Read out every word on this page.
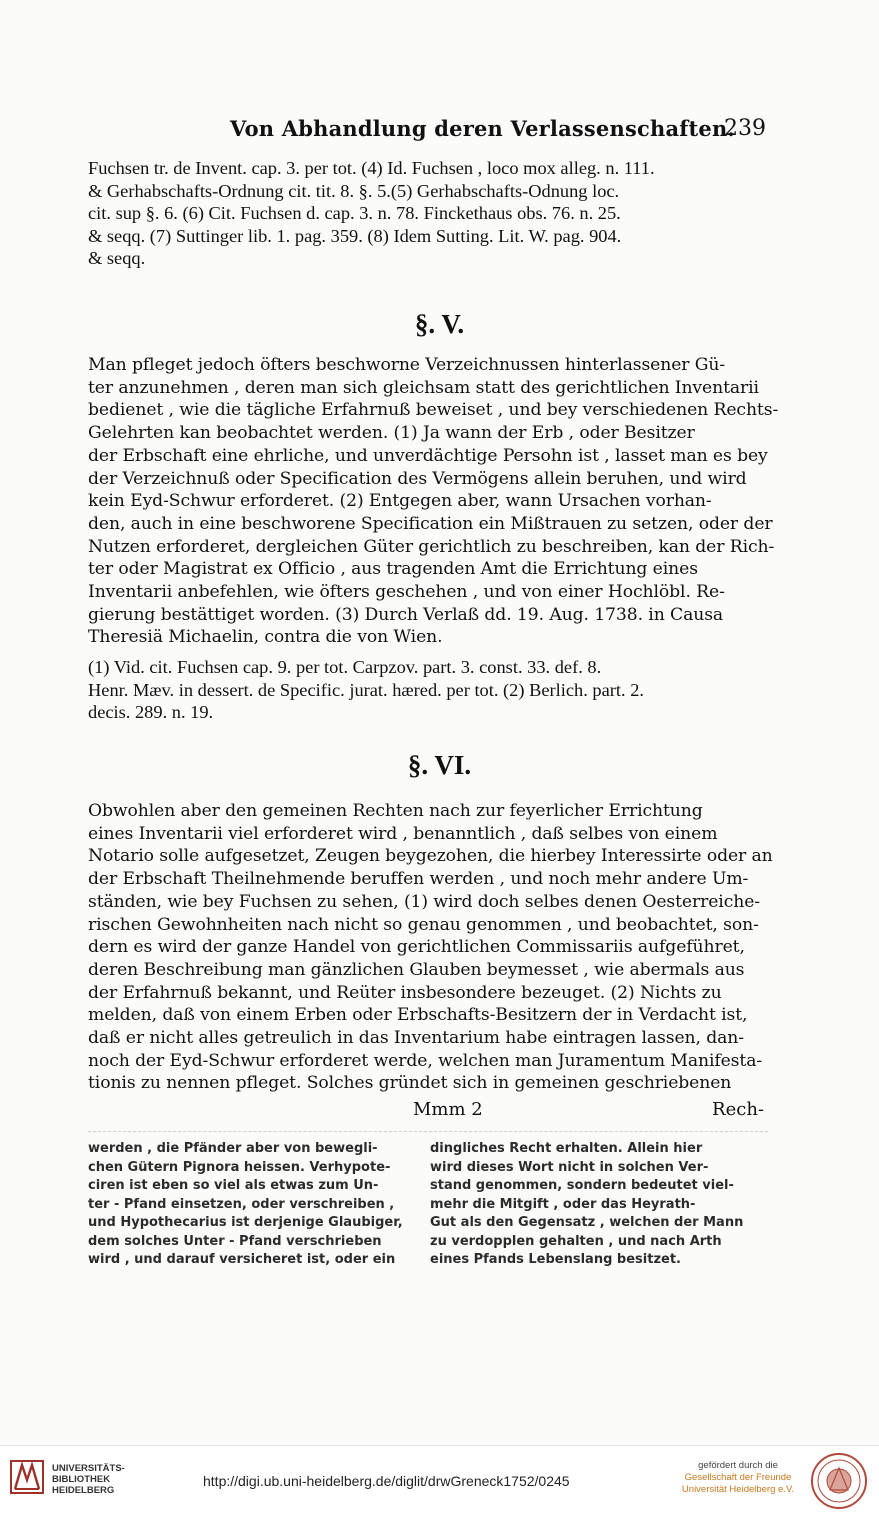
Von Abhandlung deren Verlassenschaften.
239
Fuchsen tr. de Invent. cap. 3. per tot. (4) Id. Fuchsen , loco mox alleg. n. 111.
& Gerhabschafts-Ordnung cit. tit. 8. §. 5.(5) Gerhabschafts-Odnung loc.
cit. sup §. 6. (6) Cit. Fuchsen d. cap. 3. n. 78. Finckethaus obs. 76. n. 25.
& seqq. (7) Suttinger lib. 1. pag. 359. (8) Idem Sutting. Lit. W. pag. 904.
& seqq.
§. V.
Man pfleget jedoch öfters beschworne Verzeichnussen hinterlassener Gü-
ter anzunehmen , deren man sich gleichsam statt des gerichtlichen Inventarii
bedienet , wie die tägliche Erfahrnuß beweiset , und bey verschiedenen Rechts-
Gelehrten kan beobachtet werden. (1) Ja wann der Erb , oder Besitzer
der Erbschaft eine ehrliche, und unverdächtige Persohn ist , lasset man es bey
der Verzeichnuß oder Specification des Vermögens allein beruhen, und wird
kein Eyd-Schwur erforderet. (2) Entgegen aber, wann Ursachen vorhan-
den, auch in eine beschworene Specification ein Mißtrauen zu setzen, oder der
Nutzen erforderet, dergleichen Güter gerichtlich zu beschreiben, kan der Rich-
ter oder Magistrat ex Officio , aus tragenden Amt die Errichtung eines
Inventarii anbefehlen, wie öfters geschehen , und von einer Hochlöbl. Re-
gierung bestättiget worden. (3) Durch Verlaß dd. 19. Aug. 1738. in Causa
Theresiä Michaelin, contra die von Wien.
(1) Vid. cit. Fuchsen cap. 9. per tot. Carpzov. part. 3. const. 33. def. 8.
Henr. Mæv. in dessert. de Specific. jurat. hæred. per tot. (2) Berlich. part. 2.
decis. 289. n. 19.
§. VI.
Obwohlen aber den gemeinen Rechten nach zur feyerlicher Errichtung
eines Inventarii viel erforderet wird , benanntlich , daß selbes von einem
Notario solle aufgesetzet, Zeugen beygezohen, die hierbey Interessirte oder an
der Erbschaft Theilnehmende beruffen werden , und noch mehr andere Um-
ständen, wie bey Fuchsen zu sehen, (1) wird doch selbes denen Oesterreiche-
rischen Gewohnheiten nach nicht so genau genommen , und beobachtet, son-
dern es wird der ganze Handel von gerichtlichen Commissariis aufgeführet,
deren Beschreibung man gänzlichen Glauben beymesset , wie abermals aus
der Erfahrnuß bekannt, und Reüter insbesondere bezeuget. (2) Nichts zu
melden, daß von einem Erben oder Erbschafts-Besitzern der in Verdacht ist,
daß er nicht alles getreulich in das Inventarium habe eintragen lassen, dan-
noch der Eyd-Schwur erforderet werde, welchen man Juramentum Manifesta-
tionis zu nennen pfleget. Solches gründet sich in gemeinen geschriebenen
Mmm 2	Rech-
werden , die Pfänder aber von bewegli-
chen Gütern Pignora heissen. Verhypote-
ciren ist eben so viel als etwas zum Un-
ter - Pfand einsetzen, oder verschreiben ,
und Hypothecarius ist derjenige Glaubiger,
dem solches Unter - Pfand verschrieben
wird , und darauf versicheret ist, oder ein
dingliches Recht erhalten. Allein hier
wird dieses Wort nicht in solchen Ver-
stand genommen, sondern bedeutet viel-
mehr die Mitgift , oder das Heyrath-
Gut als den Gegensatz , welchen der Mann
zu verdopplen gehalten , und nach Arth
eines Pfands Lebenslang besitzet.
UNIVERSITÄTS-
BIBLIOTHEK
HEIDELBERG
http://digi.ub.uni-heidelberg.de/diglit/drwGreneck1752/0245
gefördert durch die
Gesellschaft der Freunde
Universität Heidelberg e.V.
